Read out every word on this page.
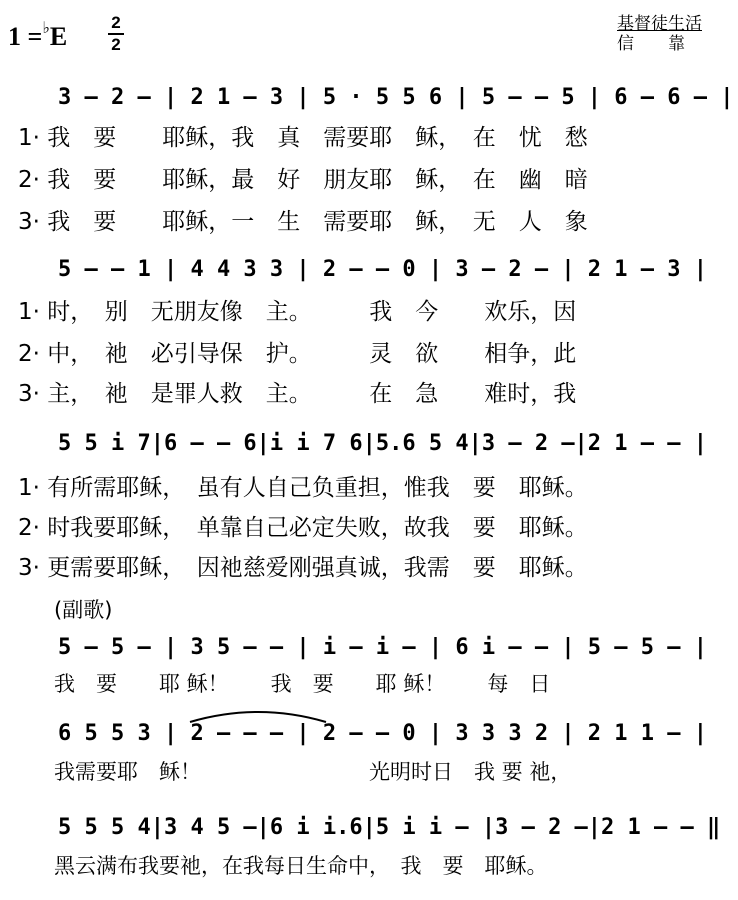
1 =♭E	2
2
基督徒生活
信　　靠
3 — 2 — | 2 1 — 3 | 5 · 5 5 6 | 5 — — 5 | 6 — 6 — |
1· 我　要　　耶稣，我　真　需要耶　稣，　在　忧　愁
2· 我　要　　耶稣，最　好　朋友耶　稣，　在　幽　暗
3· 我　要　　耶稣，一　生　需要耶　稣，　无　人　象
5 — — 1 | 4 4 3 3 | 2 — — 0 | 3 — 2 — | 2 1 — 3 |
1· 时，　别　无朋友像　主。　　　我　今　　欢乐，因
2· 中，　祂　必引导保　护。　　　灵　欲　　相争，此
3· 主，　祂　是罪人救　主。　　　在　急　　难时，我
5 5 i 7|6 — — 6|i i 7 6|5.6 5 4|3 — 2 —|2 1 — — |
1· 有所需耶稣，　虽有人自己负重担，惟我　要　耶稣。
2· 时我要耶稣，　单靠自己必定失败，故我　要　耶稣。
3· 更需要耶稣，　因祂慈爱刚强真诚，我需　要　耶稣。
(副歌)
5 — 5 — | 3 5 — — | i — i — | 6 i — — | 5 — 5 — |
我　要　　耶 稣！　　我　要　　耶 稣！　　每　日
6 5 5 3 | 2 — — — | 2 — — 0 | 3 3 3 2 | 2 1 1 — |
我需要耶　稣！　　　　　　　　光明时日　我 要 祂，
5 5 5 4|3 4 5 —|6 i i.6|5 i i — |3 — 2 —|2 1 — — ‖
黑云满布我要祂，在我每日生命中，　我　要　耶稣。
